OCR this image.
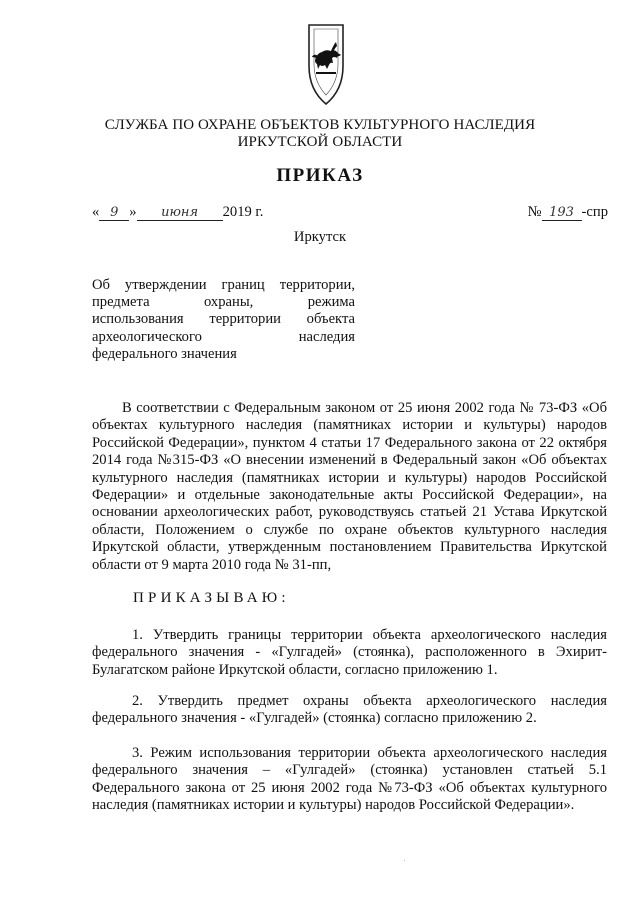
СЛУЖБА ПО ОХРАНЕ ОБЪЕКТОВ КУЛЬТУРНОГО НАСЛЕДИЯ
ИРКУТСКОЙ ОБЛАСТИ
ПРИКАЗ
« 9 » июня 2019 г.	№ 193 -спр
Иркутск
Об утверждении границ территории,
предмета охраны, режима
использования территории объекта
археологического наследия
федерального значения
В соответствии с Федеральным законом от 25 июня 2002 года № 73-ФЗ «Об объектах культурного наследия (памятниках истории и культуры) народов Российской Федерации», пунктом 4 статьи 17 Федерального закона от 22 октября 2014 года №315-ФЗ «О внесении изменений в Федеральный закон «Об объектах культурного наследия (памятниках истории и культуры) народов Российской Федерации» и отдельные законодательные акты Российской Федерации», на основании археологических работ, руководствуясь статьей 21 Устава Иркутской области, Положением о службе по охране объектов культурного наследия Иркутской области, утвержденным постановлением Правительства Иркутской области от 9 марта 2010 года № 31-пп,
ПРИКАЗЫВАЮ:
1. Утвердить границы территории объекта археологического наследия федерального значения - «Гулгадей» (стоянка), расположенного в Эхирит-Булагатском районе Иркутской области, согласно приложению 1.
2. Утвердить предмет охраны объекта археологического наследия федерального значения - «Гулгадей» (стоянка) согласно приложению 2.
3. Режим использования территории объекта археологического наследия федерального значения – «Гулгадей» (стоянка) установлен статьей 5.1 Федерального закона от 25 июня 2002 года №73-ФЗ «Об объектах культурного наследия (памятниках истории и культуры) народов Российской Федерации».
